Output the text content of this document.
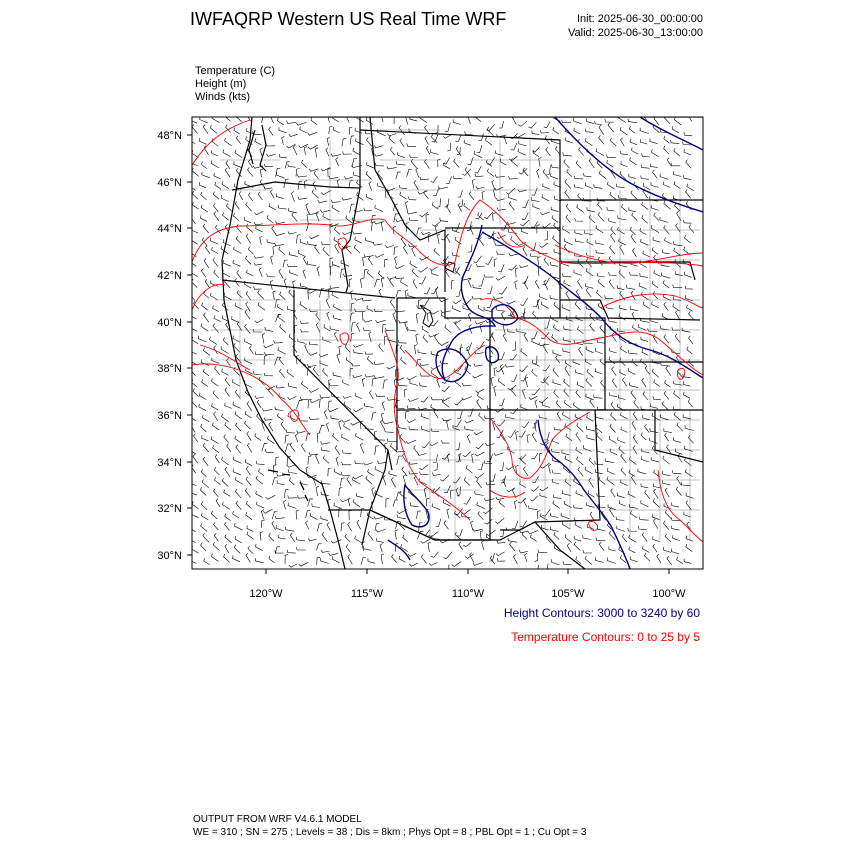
IWFAQRP Western US Real Time WRF	Init: 2025-06-30_00:00:00
Valid: 2025-06-30_13:00:00
Temperature (C)
Height (m)
Winds (kts)
48°N
46°N
44°N
42°N
40°N
38°N
36°N
34°N
32°N
30°N
120°W	115°W	110°W	105°W	100°W
Height Contours: 3000 to 3240 by 60
Temperature Contours: 0 to 25 by 5
OUTPUT FROM WRF V4.6.1 MODEL
WE = 310 ; SN = 275 ; Levels = 38 ; Dis = 8km ; Phys Opt = 8 ; PBL Opt = 1 ; Cu Opt = 3
